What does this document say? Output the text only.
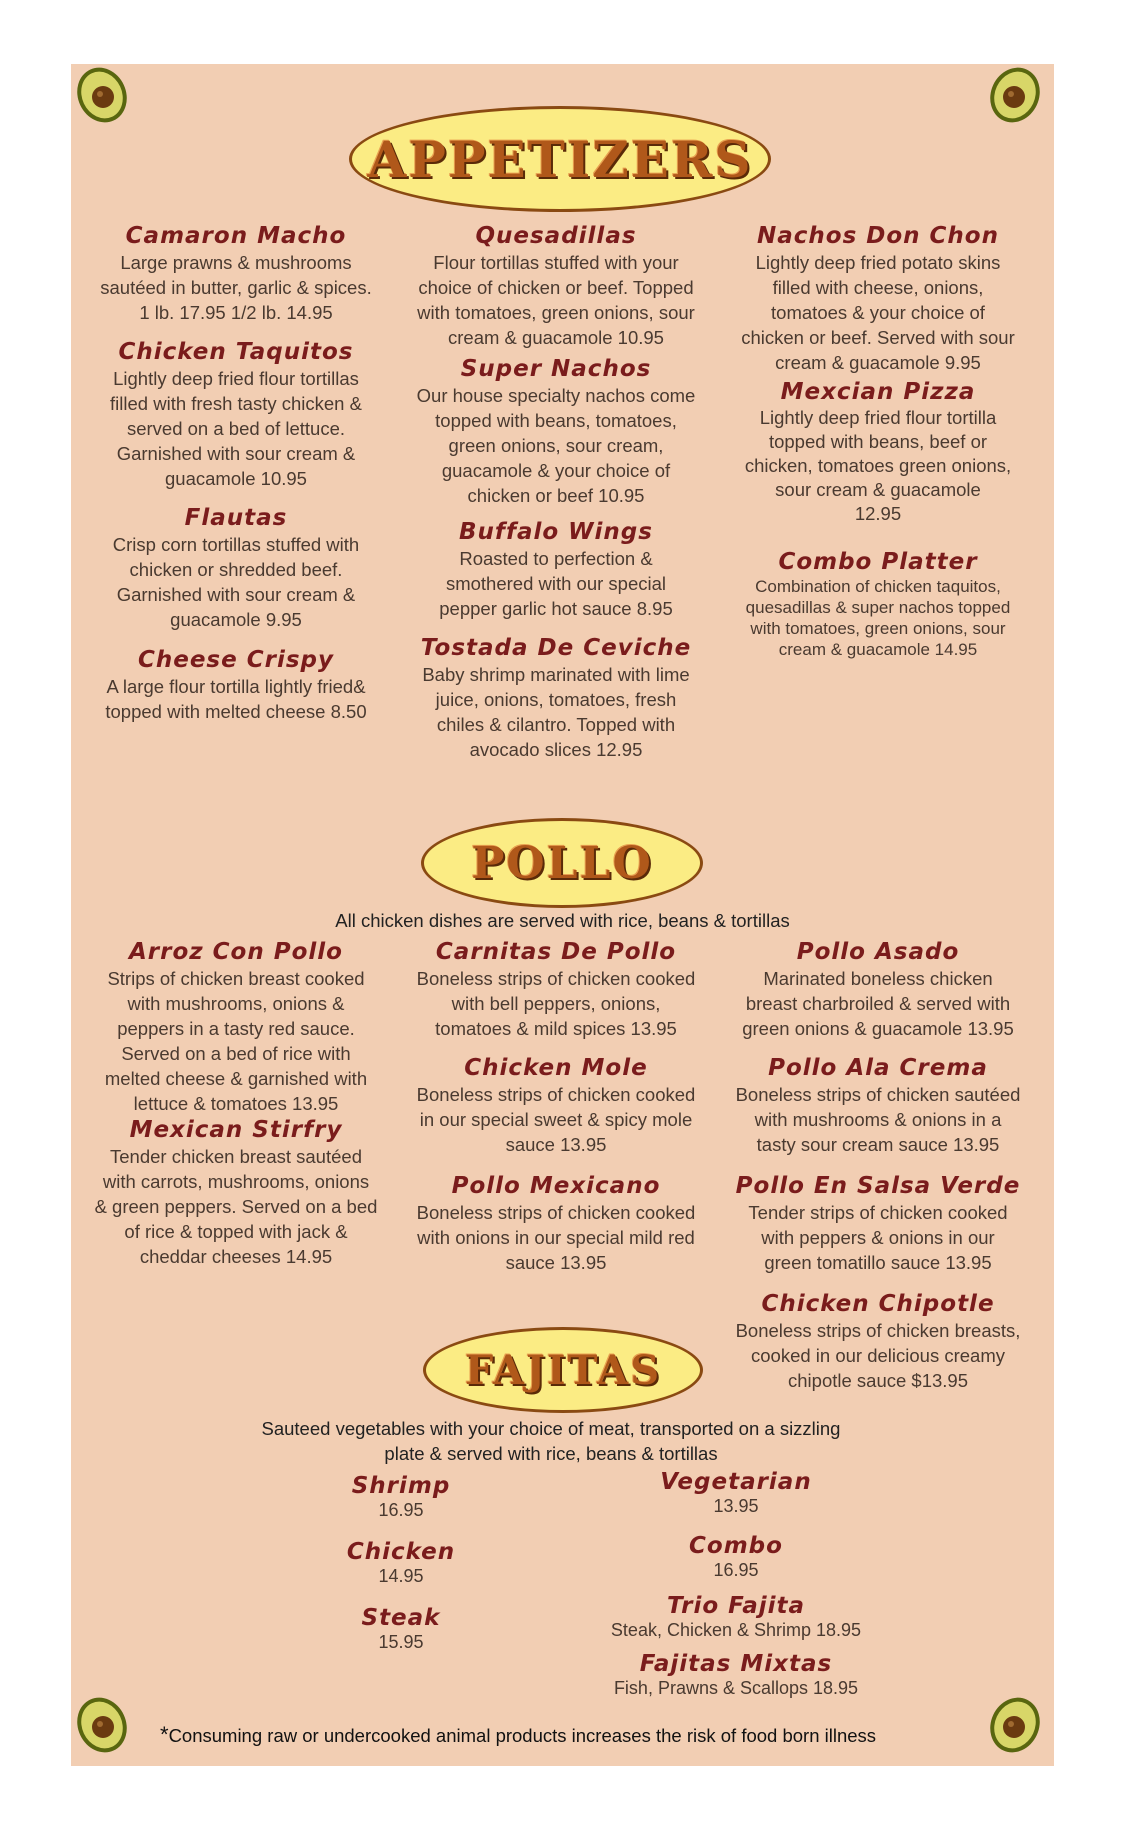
APPETIZERS
Camaron Macho
Large prawns & mushrooms
sautéed in butter, garlic & spices.
1 lb. 17.95 1/2 lb. 14.95
Chicken Taquitos
Lightly deep fried flour tortillas
filled with fresh tasty chicken &
served on a bed of lettuce.
Garnished with sour cream &
guacamole 10.95
Flautas
Crisp corn tortillas stuffed with
chicken or shredded beef.
Garnished with sour cream &
guacamole 9.95
Cheese Crispy
A large flour tortilla lightly fried&
topped with melted cheese 8.50
Quesadillas
Flour tortillas stuffed with your
choice of chicken or beef. Topped
with tomatoes, green onions, sour
cream & guacamole 10.95
Super Nachos
Our house specialty nachos come
topped with beans, tomatoes,
green onions, sour cream,
guacamole & your choice of
chicken or beef 10.95
Buffalo Wings
Roasted to perfection &
smothered with our special
pepper garlic hot sauce 8.95
Tostada De Ceviche
Baby shrimp marinated with lime
juice, onions, tomatoes, fresh
chiles & cilantro. Topped with
avocado slices 12.95
Nachos Don Chon
Lightly deep fried potato skins
filled with cheese, onions,
tomatoes & your choice of
chicken or beef. Served with sour
cream & guacamole 9.95
Mexcian Pizza
Lightly deep fried flour tortilla
topped with beans, beef or
chicken, tomatoes green onions,
sour cream & guacamole
12.95
Combo Platter
Combination of chicken taquitos,
quesadillas & super nachos topped
with tomatoes, green onions, sour
cream & guacamole 14.95
POLLO
All chicken dishes are served with rice, beans & tortillas
Arroz Con Pollo
Strips of chicken breast cooked
with mushrooms, onions &
peppers in a tasty red sauce.
Served on a bed of rice with
melted cheese & garnished with
lettuce & tomatoes 13.95
Mexican Stirfry
Tender chicken breast sautéed
with carrots, mushrooms, onions
& green peppers. Served on a bed
of rice & topped with jack &
cheddar cheeses 14.95
Carnitas De Pollo
Boneless strips of chicken cooked
with bell peppers, onions,
tomatoes & mild spices 13.95
Chicken Mole
Boneless strips of chicken cooked
in our special sweet & spicy mole
sauce 13.95
Pollo Mexicano
Boneless strips of chicken cooked
with onions in our special mild red
sauce 13.95
Pollo Asado
Marinated boneless chicken
breast charbroiled & served with
green onions & guacamole 13.95
Pollo Ala Crema
Boneless strips of chicken sautéed
with mushrooms & onions in a
tasty sour cream sauce 13.95
Pollo En Salsa Verde
Tender strips of chicken cooked
with peppers & onions in our
green tomatillo sauce 13.95
Chicken Chipotle
Boneless strips of chicken breasts,
cooked in our delicious creamy
chipotle sauce $13.95
FAJITAS
Sauteed vegetables with your choice of meat, transported on a sizzling
plate & served with rice, beans & tortillas
Shrimp
16.95
Chicken
14.95
Steak
15.95
Vegetarian
13.95
Combo
16.95
Trio Fajita
Steak, Chicken & Shrimp 18.95
Fajitas Mixtas
Fish, Prawns & Scallops 18.95
*Consuming raw or undercooked animal products increases the risk of food born illness
